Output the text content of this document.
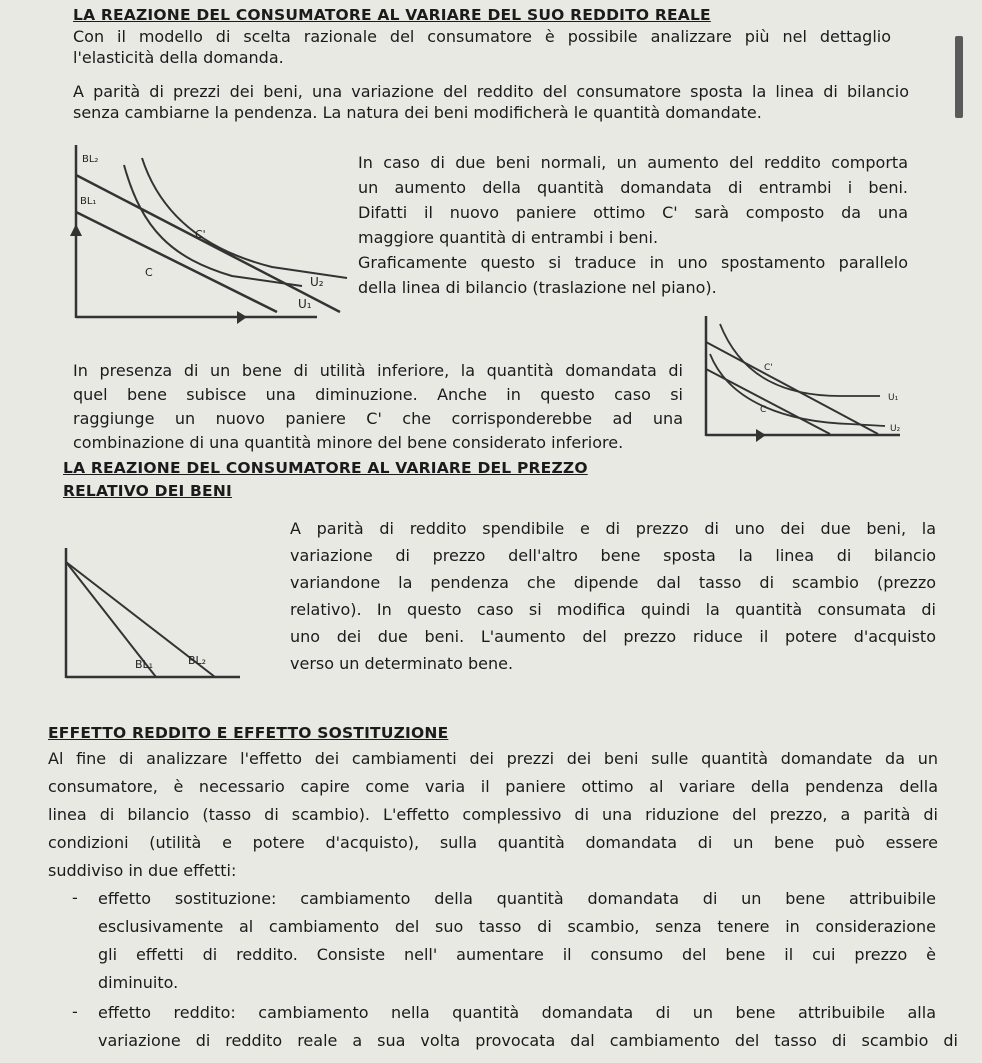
LA REAZIONE DEL CONSUMATORE AL VARIARE DEL SUO REDDITO REALE
Con il modello di scelta razionale del consumatore è possibile analizzare più nel dettaglio
l'elasticità della domanda.
A parità di prezzi dei beni, una variazione del reddito del consumatore sposta la linea di bilancio
senza cambiarne la pendenza. La natura dei beni modificherà le quantità domandate.
BL₂
BL₁
C'
C
U₂
U₁
In caso di due beni normali, un aumento del reddito comporta
un aumento della quantità domandata di entrambi i beni.
Difatti il nuovo paniere ottimo C' sarà composto da una
maggiore quantità di entrambi i beni.
Graficamente questo si traduce in uno spostamento parallelo
della linea di bilancio (traslazione nel piano).
C'
C
U₁
U₂
In presenza di un bene di utilità inferiore, la quantità domandata di
quel bene subisce una diminuzione. Anche in questo caso si
raggiunge un nuovo paniere C' che corrisponderebbe ad una
combinazione di una quantità minore del bene considerato inferiore.
LA REAZIONE DEL CONSUMATORE AL VARIARE DEL PREZZO
RELATIVO DEI BENI
BL₁	BL₂
A parità di reddito spendibile e di prezzo di uno dei due beni, la
variazione di prezzo dell'altro bene sposta la linea di bilancio
variandone la pendenza che dipende dal tasso di scambio (prezzo
relativo). In questo caso si modifica quindi la quantità consumata di
uno dei due beni. L'aumento del prezzo riduce il potere d'acquisto
verso un determinato bene.
EFFETTO REDDITO E EFFETTO SOSTITUZIONE
Al fine di analizzare l'effetto dei cambiamenti dei prezzi dei beni sulle quantità domandate da un
consumatore, è necessario capire come varia il paniere ottimo al variare della pendenza della
linea di bilancio (tasso di scambio). L'effetto complessivo di una riduzione del prezzo, a parità di
condizioni (utilità e potere d'acquisto), sulla quantità domandata di un bene può essere
suddiviso in due effetti:
- effetto sostituzione: cambiamento della quantità domandata di un bene attribuibile
esclusivamente al cambiamento del suo tasso di scambio, senza tenere in considerazione
gli effetti di reddito. Consiste nell' aumentare il consumo del bene il cui prezzo è
diminuito.
- effetto reddito: cambiamento nella quantità domandata di un bene attribuibile alla
variazione di reddito reale a sua volta provocata dal cambiamento del tasso di scambio di
